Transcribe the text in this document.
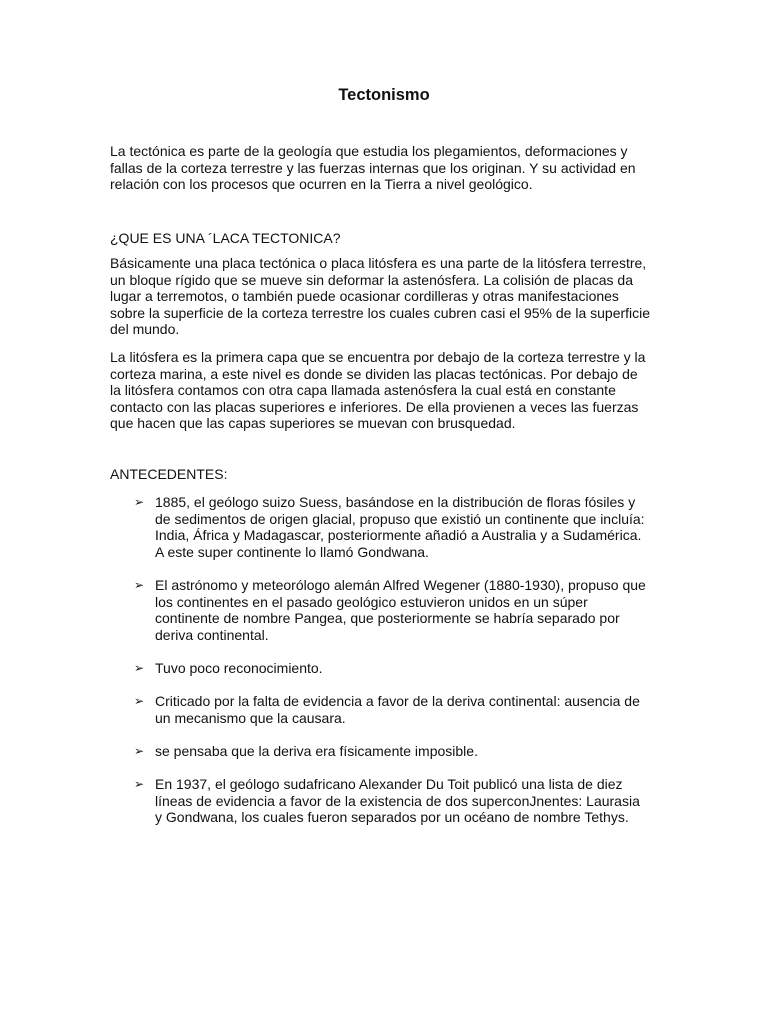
Tectonismo

La tectónica es parte de la geología que estudia los plegamientos, deformaciones y
fallas de la corteza terrestre y las fuerzas internas que los originan. Y su actividad en
relación con los procesos que ocurren en la Tierra a nivel geológico.

¿QUE ES UNA ´LACA TECTONICA?

Básicamente una placa tectónica o placa litósfera es una parte de la litósfera terrestre,
un bloque rígido que se mueve sin deformar la astenósfera. La colisión de placas da
lugar a terremotos, o también puede ocasionar cordilleras y otras manifestaciones
sobre la superficie de la corteza terrestre los cuales cubren casi el 95% de la superficie
del mundo.

La litósfera es la primera capa que se encuentra por debajo de la corteza terrestre y la
corteza marina, a este nivel es donde se dividen las placas tectónicas. Por debajo de
la litósfera contamos con otra capa llamada astenósfera la cual está en constante
contacto con las placas superiores e inferiores. De ella provienen a veces las fuerzas
que hacen que las capas superiores se muevan con brusquedad.

ANTECEDENTES:

➢ 1885, el geólogo suizo Suess, basándose en la distribución de floras fósiles y
de sedimentos de origen glacial, propuso que existió un continente que incluía:
India, África y Madagascar, posteriormente añadió a Australia y a Sudamérica.
A este super continente lo llamó Gondwana.
➢ El astrónomo y meteorólogo alemán Alfred Wegener (1880-1930), propuso que
los continentes en el pasado geológico estuvieron unidos en un súper
continente de nombre Pangea, que posteriormente se habría separado por
deriva continental.
➢ Tuvo poco reconocimiento.
➢ Criticado por la falta de evidencia a favor de la deriva continental: ausencia de
un mecanismo que la causara.
➢ se pensaba que la deriva era físicamente imposible.
➢ En 1937, el geólogo sudafricano Alexander Du Toit publicó una lista de diez
líneas de evidencia a favor de la existencia de dos superconJnentes: Laurasia
y Gondwana, los cuales fueron separados por un océano de nombre Tethys.
